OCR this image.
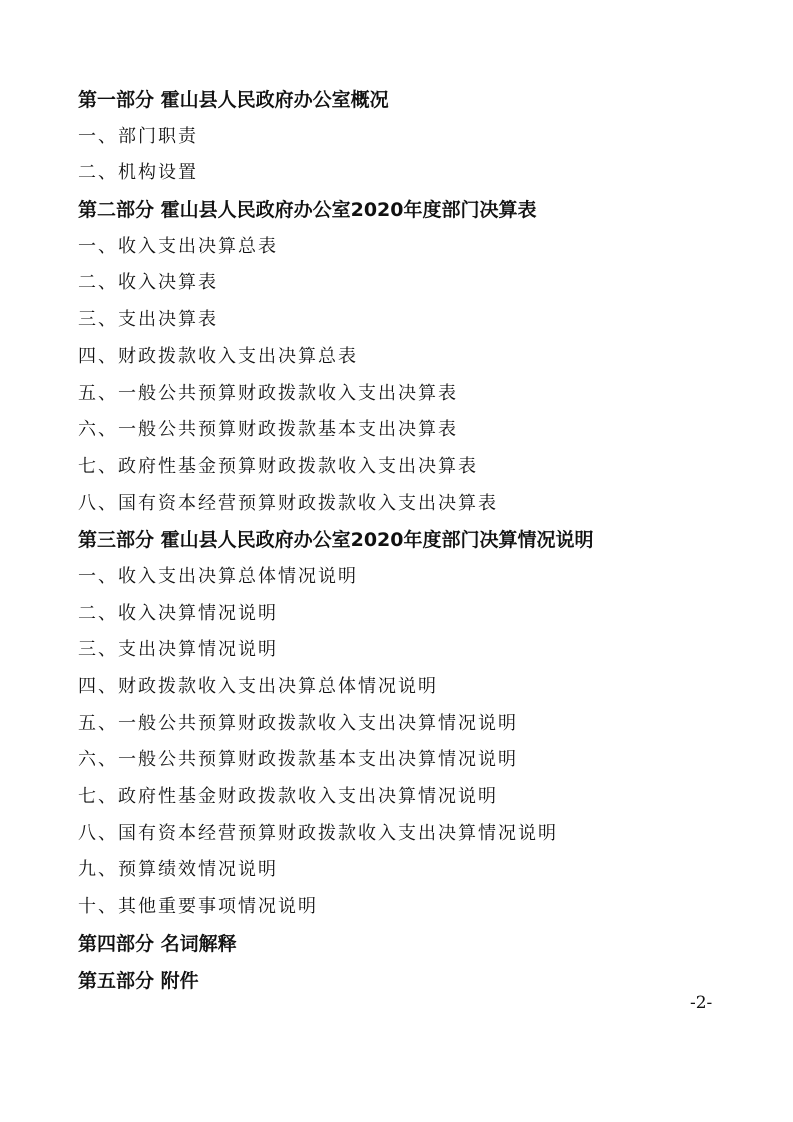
第一部分 霍山县人民政府办公室概况
一、部门职责
二、机构设置
第二部分 霍山县人民政府办公室2020年度部门决算表
一、收入支出决算总表
二、收入决算表
三、支出决算表
四、财政拨款收入支出决算总表
五、一般公共预算财政拨款收入支出决算表
六、一般公共预算财政拨款基本支出决算表
七、政府性基金预算财政拨款收入支出决算表
八、国有资本经营预算财政拨款收入支出决算表
第三部分 霍山县人民政府办公室2020年度部门决算情况说明
一、收入支出决算总体情况说明
二、收入决算情况说明
三、支出决算情况说明
四、财政拨款收入支出决算总体情况说明
五、一般公共预算财政拨款收入支出决算情况说明
六、一般公共预算财政拨款基本支出决算情况说明
七、政府性基金财政拨款收入支出决算情况说明
八、国有资本经营预算财政拨款收入支出决算情况说明
九、预算绩效情况说明
十、其他重要事项情况说明
第四部分 名词解释
第五部分 附件
-2-
